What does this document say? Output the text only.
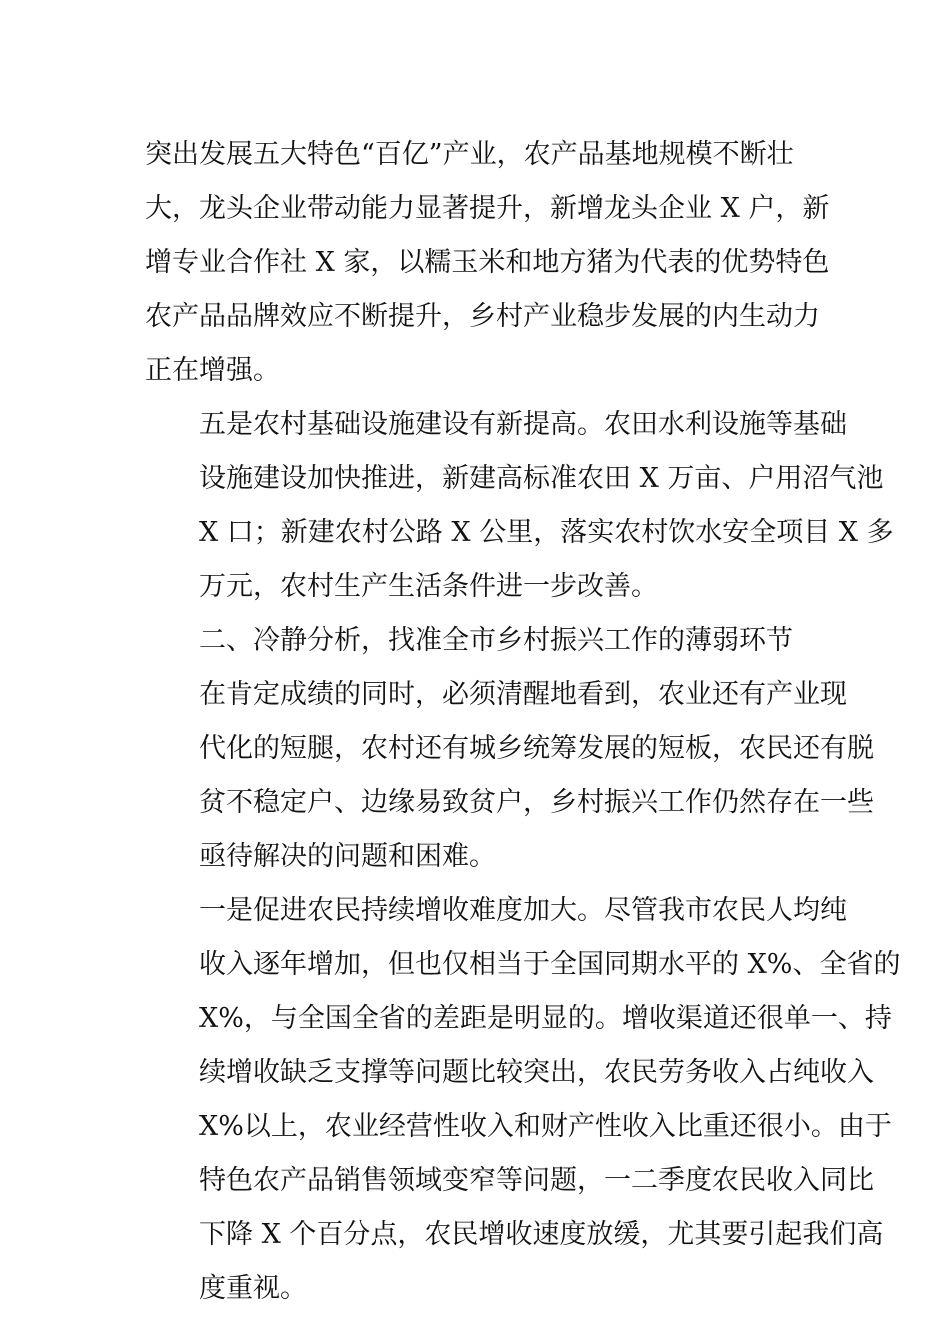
突出发展五大特色“百亿”产业，农产品基地规模不断壮
大，龙头企业带动能力显著提升，新增龙头企业 X 户，新
增专业合作社 X 家，以糯玉米和地方猪为代表的优势特色
农产品品牌效应不断提升，乡村产业稳步发展的内生动力
正在增强。

五是农村基础设施建设有新提高。农田水利设施等基础
设施建设加快推进，新建高标准农田 X 万亩、户用沼气池
X 口；新建农村公路 X 公里，落实农村饮水安全项目 X 多
万元，农村生产生活条件进一步改善。

二、冷静分析，找准全市乡村振兴工作的薄弱环节

在肯定成绩的同时，必须清醒地看到，农业还有产业现
代化的短腿，农村还有城乡统筹发展的短板，农民还有脱
贫不稳定户、边缘易致贫户，乡村振兴工作仍然存在一些
亟待解决的问题和困难。

一是促进农民持续增收难度加大。尽管我市农民人均纯
收入逐年增加，但也仅相当于全国同期水平的 X%、全省的
X%，与全国全省的差距是明显的。增收渠道还很单一、持
续增收缺乏支撑等问题比较突出，农民劳务收入占纯收入
X%以上，农业经营性收入和财产性收入比重还很小。由于
特色农产品销售领域变窄等问题，一二季度农民收入同比
下降 X 个百分点，农民增收速度放缓，尤其要引起我们高
度重视。
